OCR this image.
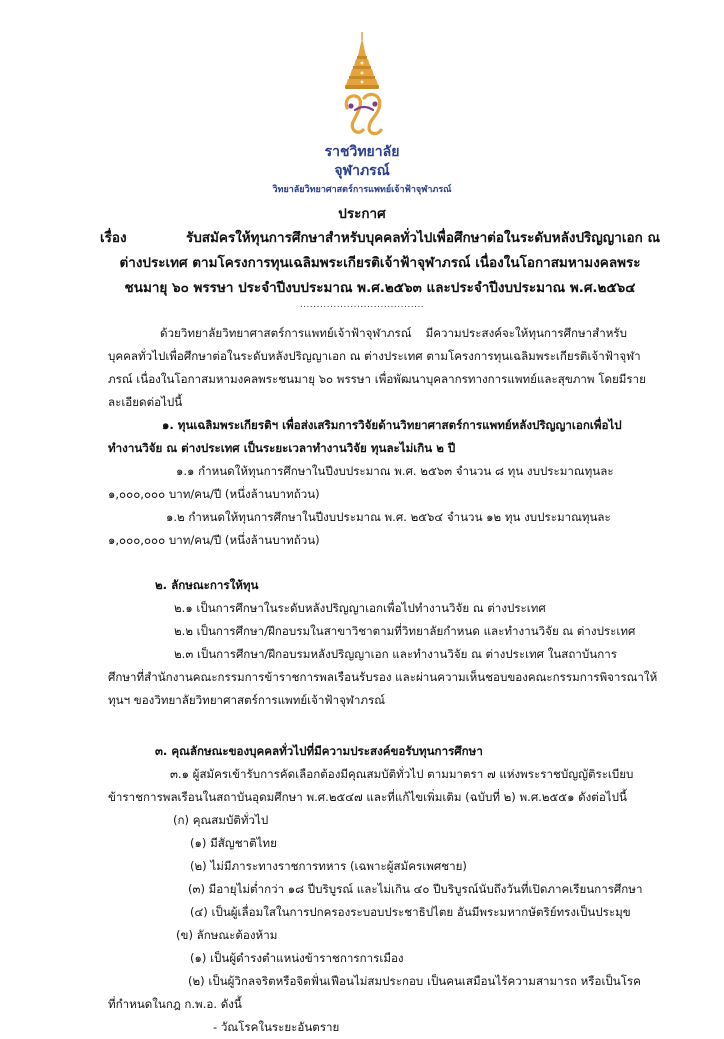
ราชวิทยาลัย
จุฬาภรณ์
วิทยาลัยวิทยาศาสตร์การแพทย์เจ้าฟ้าจุฬาภรณ์
ประกาศ
เรื่อง	รับสมัครให้ทุนการศึกษาสำหรับบุคคลทั่วไปเพื่อศึกษาต่อในระดับหลังปริญญาเอก ณ
ต่างประเทศ ตามโครงการทุนเฉลิมพระเกียรติเจ้าฟ้าจุฬาภรณ์ เนื่องในโอกาสมหามงคลพระ
ชนมายุ ๖๐ พรรษา ประจำปีงบประมาณ พ.ศ.๒๕๖๓ และประจำปีงบประมาณ พ.ศ.๒๕๖๔
.....................................
ด้วยวิทยาลัยวิทยาศาสตร์การแพทย์เจ้าฟ้าจุฬาภรณ์ มีความประสงค์จะให้ทุนการศึกษาสำหรับ
บุคคลทั่วไปเพื่อศึกษาต่อในระดับหลังปริญญาเอก ณ ต่างประเทศ ตามโครงการทุนเฉลิมพระเกียรติเจ้าฟ้าจุฬา
ภรณ์ เนื่องในโอกาสมหามงคลพระชนมายุ ๖๐ พรรษา เพื่อพัฒนาบุคลากรทางการแพทย์และสุขภาพ โดยมีราย
ละเอียดต่อไปนี้
๑. ทุนเฉลิมพระเกียรติฯ เพื่อส่งเสริมการวิจัยด้านวิทยาศาสตร์การแพทย์หลังปริญญาเอกเพื่อไป
ทำงานวิจัย ณ ต่างประเทศ เป็นระยะเวลาทำงานวิจัย ทุนละไม่เกิน ๒ ปี
๑.๑ กำหนดให้ทุนการศึกษาในปีงบประมาณ พ.ศ. ๒๕๖๓ จำนวน ๘ ทุน งบประมาณทุนละ
๑,๐๐๐,๐๐๐ บาท/คน/ปี (หนึ่งล้านบาทถ้วน)
๑.๒ กำหนดให้ทุนการศึกษาในปีงบประมาณ พ.ศ. ๒๕๖๔ จำนวน ๑๒ ทุน งบประมาณทุนละ
๑,๐๐๐,๐๐๐ บาท/คน/ปี (หนึ่งล้านบาทถ้วน)
๒. ลักษณะการให้ทุน
๒.๑ เป็นการศึกษาในระดับหลังปริญญาเอกเพื่อไปทำงานวิจัย ณ ต่างประเทศ
๒.๒ เป็นการศึกษา/ฝึกอบรมในสาขาวิชาตามที่วิทยาลัยกำหนด และทำงานวิจัย ณ ต่างประเทศ
๒.๓ เป็นการศึกษา/ฝึกอบรมหลังปริญญาเอก และทำงานวิจัย ณ ต่างประเทศ ในสถาบันการ
ศึกษาที่สำนักงานคณะกรรมการข้าราชการพลเรือนรับรอง และผ่านความเห็นชอบของคณะกรรมการพิจารณาให้
ทุนฯ ของวิทยาลัยวิทยาศาสตร์การแพทย์เจ้าฟ้าจุฬาภรณ์
๓. คุณลักษณะของบุคคลทั่วไปที่มีความประสงค์ขอรับทุนการศึกษา
๓.๑ ผู้สมัครเข้ารับการคัดเลือกต้องมีคุณสมบัติทั่วไป ตามมาตรา ๗ แห่งพระราชบัญญัติระเบียบ
ข้าราชการพลเรือนในสถาบันอุดมศึกษา พ.ศ.๒๕๔๗ และที่แก้ไขเพิ่มเติม (ฉบับที่ ๒) พ.ศ.๒๕๕๑ ดังต่อไปนี้
(ก) คุณสมบัติทั่วไป
(๑) มีสัญชาติไทย
(๒) ไม่มีภาระทางราชการทหาร (เฉพาะผู้สมัครเพศชาย)
(๓) มีอายุไม่ต่ำกว่า ๑๘ ปีบริบูรณ์ และไม่เกิน ๔๐ ปีบริบูรณ์นับถึงวันที่เปิดภาคเรียนการศึกษา
(๔) เป็นผู้เลื่อมใสในการปกครองระบอบประชาธิปไตย อันมีพระมหากษัตริย์ทรงเป็นประมุข
(ข) ลักษณะต้องห้าม
(๑) เป็นผู้ดำรงตำแหน่งข้าราชการการเมือง
(๒) เป็นผู้วิกลจริตหรือจิตฟั่นเฟือนไม่สมประกอบ เป็นคนเสมือนไร้ความสามารถ หรือเป็นโรค
ที่กำหนดในกฎ ก.พ.อ. ดังนี้
- วัณโรคในระยะอันตราย
